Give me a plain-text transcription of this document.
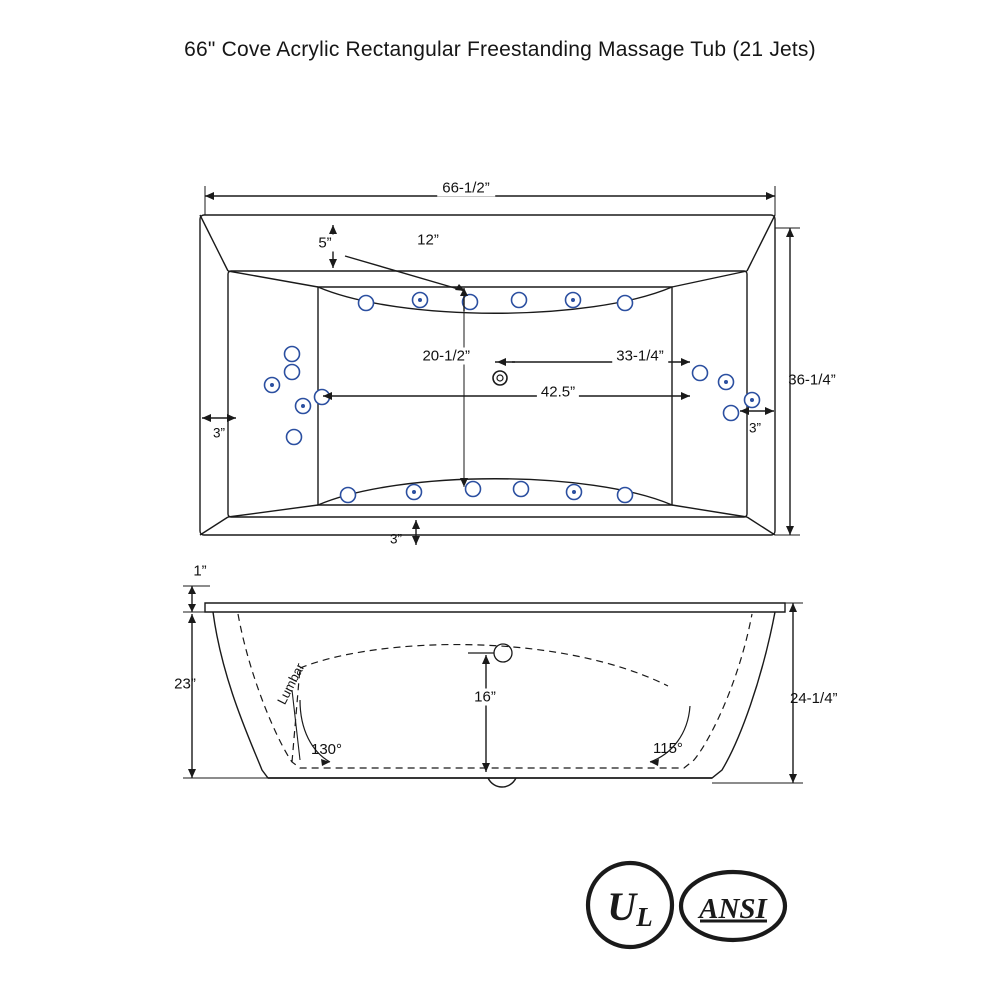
66" Cove Acrylic Rectangular Freestanding Massage Tub (21 Jets)
UL ANSI
66-1/2”
5”	12”
36-1/4”
20-1/2”	33-1/4”
42.5”
3”	3”
3”
1”
23”
16”	24-1/4”
130°	115°
Lumbar
